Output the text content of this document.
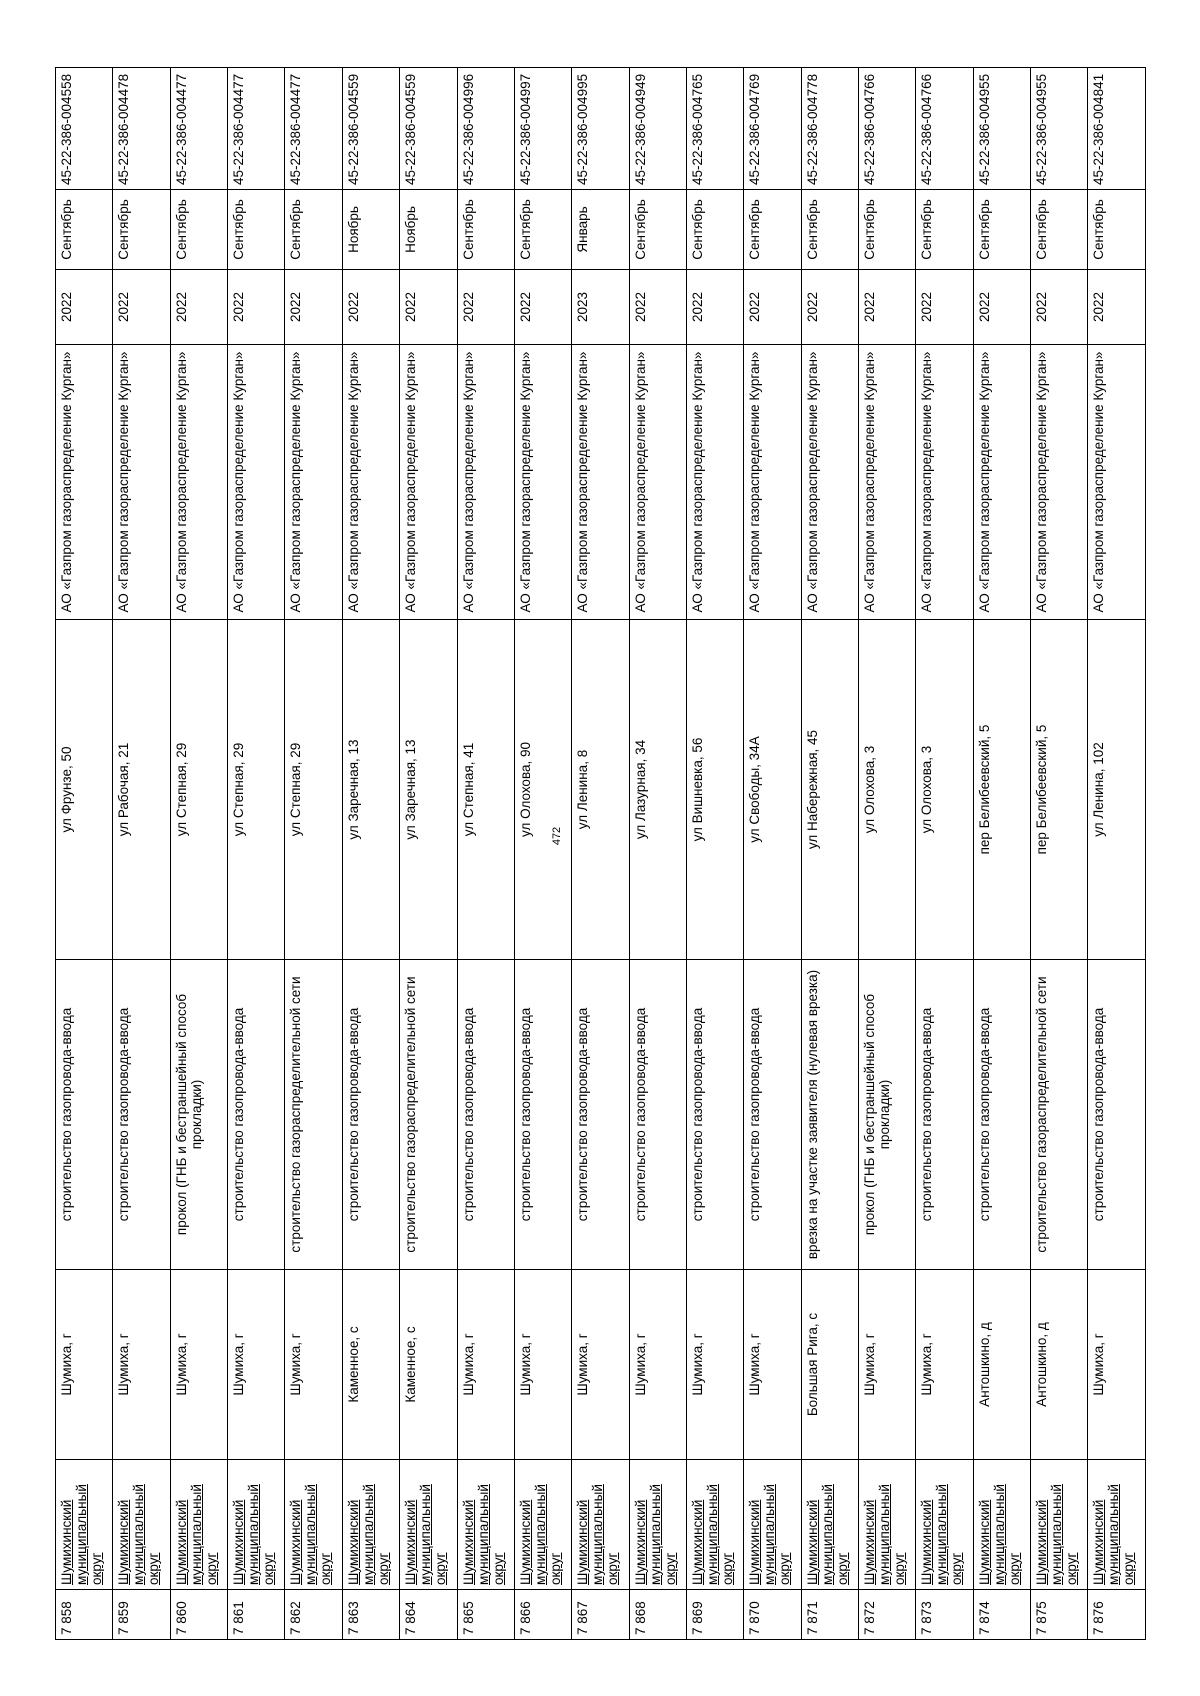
472
7 858	Шумихинский муниципальный округ	Шумиха, г	строительство газопровода-ввода	ул Фрунзе, 50	АО «Газпром газораспределение Курган»	2022	Сентябрь	45-22-386-004558
7 859	Шумихинский муниципальный округ	Шумиха, г	строительство газопровода-ввода	ул Рабочая, 21	АО «Газпром газораспределение Курган»	2022	Сентябрь	45-22-386-004478
7 860	Шумихинский муниципальный округ	Шумиха, г	прокол (ГНБ и бестраншейный способ прокладки)	ул Степная, 29	АО «Газпром газораспределение Курган»	2022	Сентябрь	45-22-386-004477
7 861	Шумихинский муниципальный округ	Шумиха, г	строительство газопровода-ввода	ул Степная, 29	АО «Газпром газораспределение Курган»	2022	Сентябрь	45-22-386-004477
7 862	Шумихинский муниципальный округ	Шумиха, г	строительство газораспределительной сети	ул Степная, 29	АО «Газпром газораспределение Курган»	2022	Сентябрь	45-22-386-004477
7 863	Шумихинский муниципальный округ	Каменное, с	строительство газопровода-ввода	ул Заречная, 13	АО «Газпром газораспределение Курган»	2022	Ноябрь	45-22-386-004559
7 864	Шумихинский муниципальный округ	Каменное, с	строительство газораспределительной сети	ул Заречная, 13	АО «Газпром газораспределение Курган»	2022	Ноябрь	45-22-386-004559
7 865	Шумихинский муниципальный округ	Шумиха, г	строительство газопровода-ввода	ул Степная, 41	АО «Газпром газораспределение Курган»	2022	Сентябрь	45-22-386-004996
7 866	Шумихинский муниципальный округ	Шумиха, г	строительство газопровода-ввода	ул Олохова, 90	АО «Газпром газораспределение Курган»	2022	Сентябрь	45-22-386-004997
7 867	Шумихинский муниципальный округ	Шумиха, г	строительство газопровода-ввода	ул Ленина, 8	АО «Газпром газораспределение Курган»	2023	Январь	45-22-386-004995
7 868	Шумихинский муниципальный округ	Шумиха, г	строительство газопровода-ввода	ул Лазурная, 34	АО «Газпром газораспределение Курган»	2022	Сентябрь	45-22-386-004949
7 869	Шумихинский муниципальный округ	Шумиха, г	строительство газопровода-ввода	ул Вишневка, 56	АО «Газпром газораспределение Курган»	2022	Сентябрь	45-22-386-004765
7 870	Шумихинский муниципальный округ	Шумиха, г	строительство газопровода-ввода	ул Свободы, 34А	АО «Газпром газораспределение Курган»	2022	Сентябрь	45-22-386-004769
7 871	Шумихинский муниципальный округ	Большая Рига, с	врезка на участке заявителя (нулевая врезка)	ул Набережная, 45	АО «Газпром газораспределение Курган»	2022	Сентябрь	45-22-386-004778
7 872	Шумихинский муниципальный округ	Шумиха, г	прокол (ГНБ и бестраншейный способ прокладки)	ул Олохова, 3	АО «Газпром газораспределение Курган»	2022	Сентябрь	45-22-386-004766
7 873	Шумихинский муниципальный округ	Шумиха, г	строительство газопровода-ввода	ул Олохова, 3	АО «Газпром газораспределение Курган»	2022	Сентябрь	45-22-386-004766
7 874	Шумихинский муниципальный округ	Антошкино, д	строительство газопровода-ввода	пер Белибеевский, 5	АО «Газпром газораспределение Курган»	2022	Сентябрь	45-22-386-004955
7 875	Шумихинский муниципальный округ	Антошкино, д	строительство газораспределительной сети	пер Белибеевский, 5	АО «Газпром газораспределение Курган»	2022	Сентябрь	45-22-386-004955
7 876	Шумихинский муниципальный округ	Шумиха, г	строительство газопровода-ввода	ул Ленина, 102	АО «Газпром газораспределение Курган»	2022	Сентябрь	45-22-386-004841
